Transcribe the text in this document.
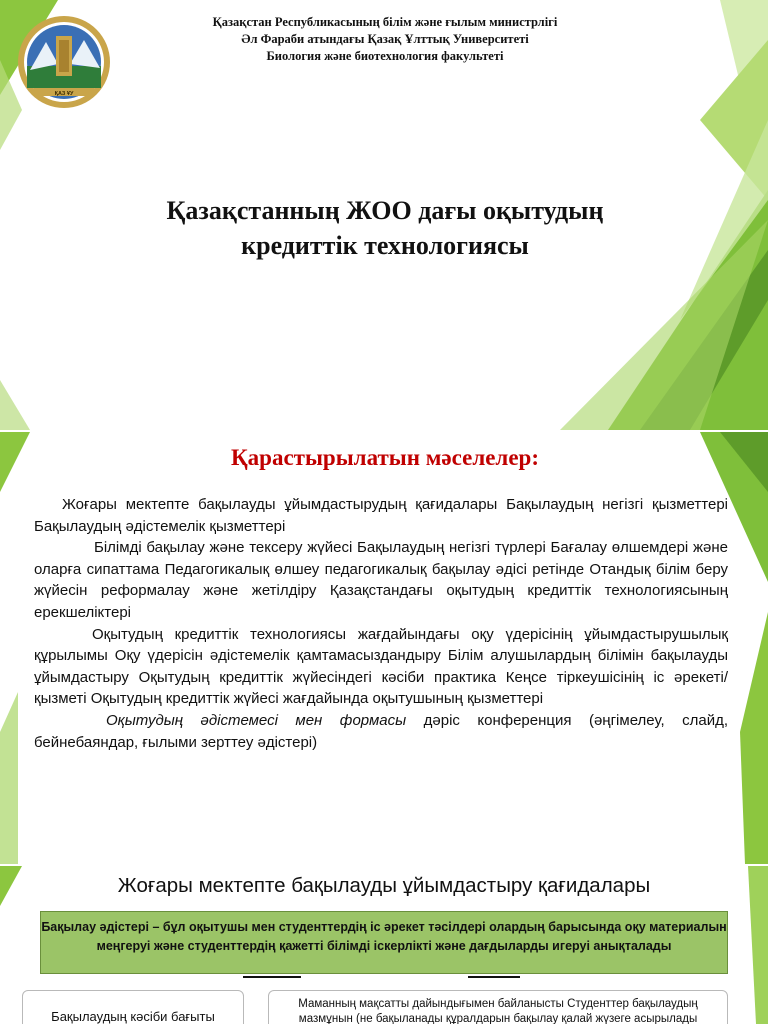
ҚАЗ ҰУ
Қазақстан Республикасының білім және ғылым министрлігі
Әл Фараби атындағы Қазақ Ұлттық Университеті
Биология және биотехнология факультеті
Қазақстанның ЖОО дағы оқытудың
кредиттік технологиясы
Қарастырылатын мәселелер:

Жоғары мектепте бақылауды ұйымдастырудың қағидалары Бақылаудың негізгі қызметтері Бақылаудың әдістемелік қызметтері

Білімді бақылау және тексеру жүйесі Бақылаудың негізгі түрлері Бағалау өлшемдері және оларға сипаттама Педагогикалық өлшеу педагогикалық бақылау әдісі ретінде Отандық білім беру жүйесін реформалау және жетілдіру Қазақстандағы оқытудың кредиттік технологиясының ерекшеліктері

Оқытудың кредиттік технологиясы жағдайындағы оқу үдерісінің ұйымдастырушылық құрылымы Оқу үдерісін әдістемелік қамтамасыздандыру Білім алушылардың білімін бақылауды ұйымдастыру Оқытудың кредиттік жүйесіндегі кәсіби практика Кеңсе тіркеушісінің іс әрекеті/қызметі Оқытудың кредиттік жүйесі жағдайында оқытушының қызметтері

Оқытудың әдістемесі мен формасы дәріс конференция (әңгімелеу, слайд, бейнебаяндар, ғылыми зерттеу әдістері)

Жоғары мектепте бақылауды ұйымдастыру қағидалары
Бақылау әдістері – бұл оқытушы мен студенттердің іс әрекет тәсілдері олардың барысында оқу материалын меңгеруі және студенттердің қажетті білімді іскерлікті және дағдыларды игеруі анықталады
Бақылаудың кәсіби бағыты
Маманның мақсатты дайындығымен байланысты Студенттер бақылаудың мазмұнын (не бақыланады құралдарын бақылау қалай жүзеге асырылады
